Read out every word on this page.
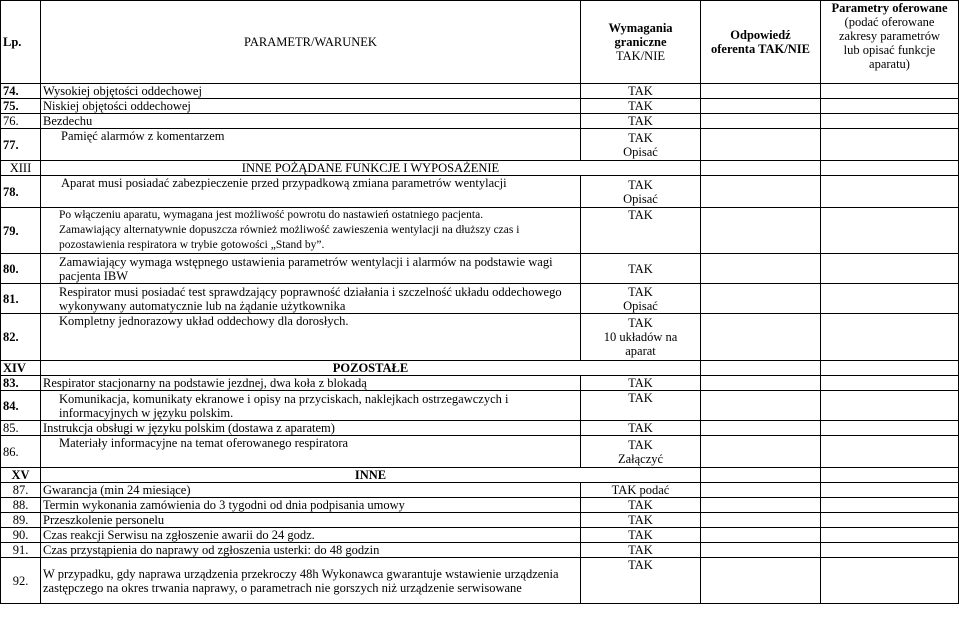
Lp.	PARAMETR/WARUNEK	Wymagania
graniczne
TAK/NIE	Odpowiedź
oferenta TAK/NIE	Parametry oferowane
(podać oferowane
zakresy parametrów
lub opisać funkcje
aparatu)
74.	Wysokiej objętości oddechowej	TAK		
75.	Niskiej objętości oddechowej	TAK		
76.	Bezdechu	TAK		
77.	Pamięć alarmów z komentarzem	TAK
Opisać		
XIII	INNE POŻĄDANE FUNKCJE I WYPOSAŻENIE			
78.	Aparat musi posiadać zabezpieczenie przed przypadkową zmiana parametrów wentylacji	TAK
Opisać		
79.	Po włączeniu aparatu, wymagana jest możliwość powrotu do nastawień ostatniego pacjenta.
Zamawiający alternatywnie dopuszcza również możliwość zawieszenia wentylacji na dłuższy czas i pozostawienia respiratora w trybie gotowości „Stand by”.	TAK		
80.	Zamawiający wymaga wstępnego ustawienia parametrów wentylacji i alarmów na podstawie wagi pacjenta IBW	TAK		
81.	Respirator musi posiadać test sprawdzający poprawność działania i szczelność układu oddechowego wykonywany automatycznie lub na żądanie użytkownika	TAK
Opisać		
82.	Kompletny jednorazowy układ oddechowy dla dorosłych.	TAK
10 układów na
aparat		
XIV	POZOSTAŁE			
83.	Respirator stacjonarny na podstawie jezdnej, dwa koła z blokadą	TAK		
84.	Komunikacja, komunikaty ekranowe i opisy na przyciskach, naklejkach ostrzegawczych i informacyjnych w języku polskim.	TAK		
85.	Instrukcja obsługi w języku polskim (dostawa z aparatem)	TAK		
86.	Materiały informacyjne na temat oferowanego respiratora	TAK
Załączyć		
XV	INNE			
87.	Gwarancja (min 24 miesiące)	TAK podać		
88.	Termin wykonania zamówienia do 3 tygodni od dnia podpisania umowy	TAK		
89.	Przeszkolenie personelu	TAK		
90.	Czas reakcji Serwisu na zgłoszenie awarii do 24 godz.	TAK		
91.	Czas przystąpienia do naprawy od zgłoszenia usterki: do 48 godzin	TAK		
92.	W przypadku, gdy naprawa urządzenia przekroczy 48h Wykonawca gwarantuje wstawienie urządzenia zastępczego na okres trwania naprawy, o parametrach nie gorszych niż urządzenie serwisowane	TAK		
